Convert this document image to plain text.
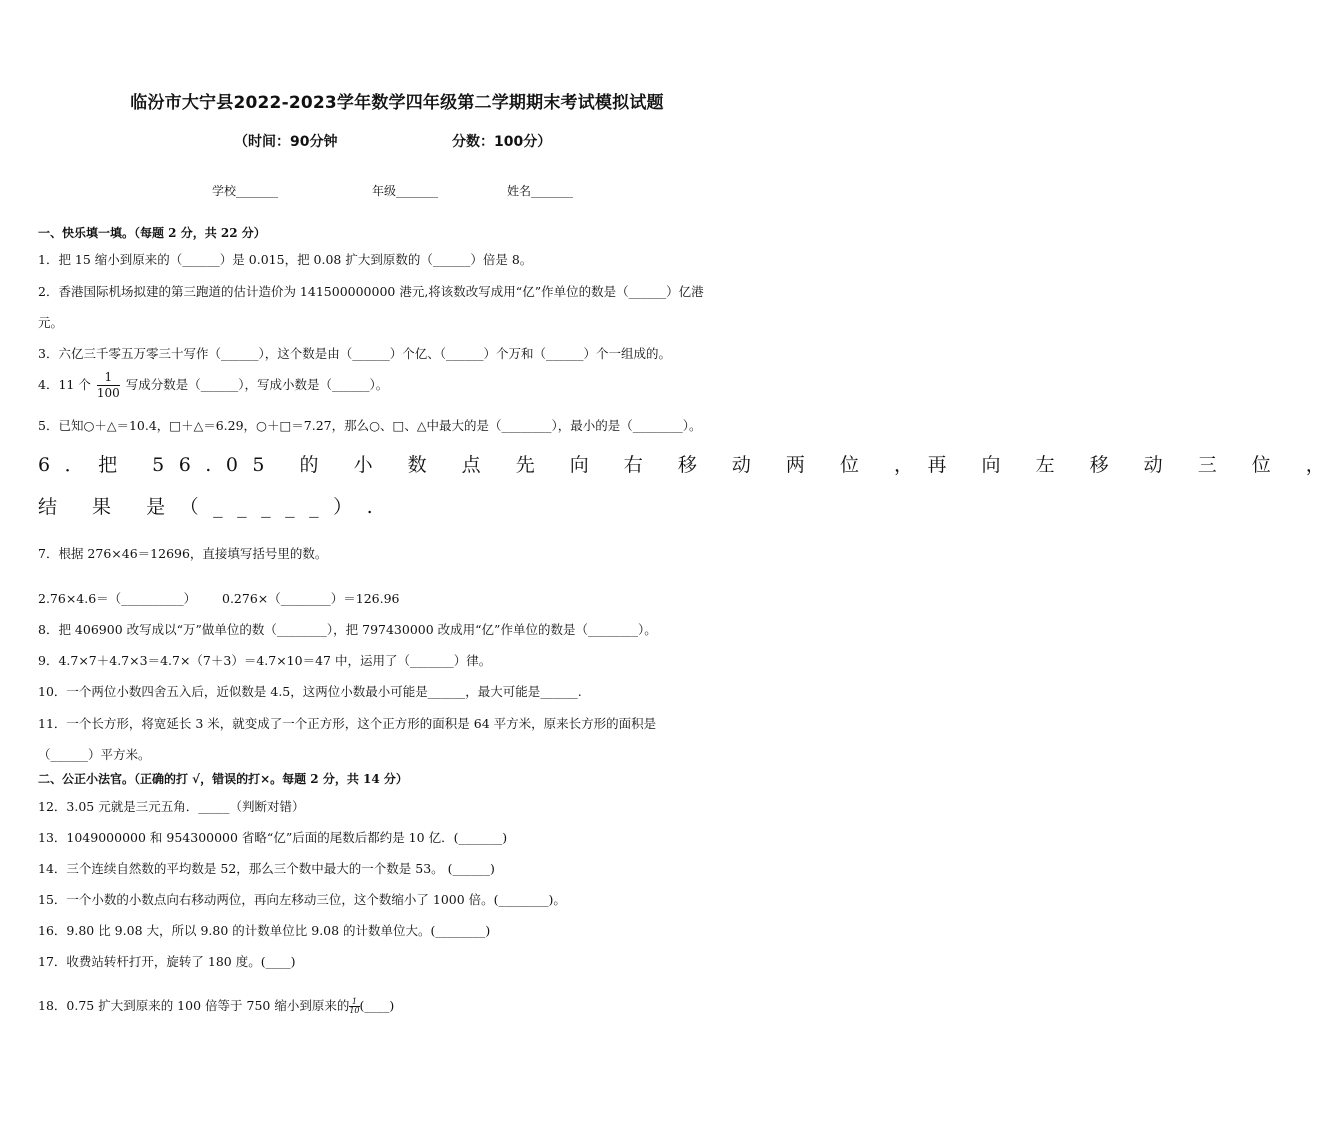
临汾市大宁县2022-2023学年数学四年级第二学期期末考试模拟试题
（时间：90分钟	分数：100分）
学校_______	年级_______	姓名_______
一、快乐填一填。（每题 2 分，共 22 分）
1．把 15 缩小到原来的（______）是 0.015，把 0.08 扩大到原数的（______）倍是 8。
2．香港国际机场拟建的第三跑道的估计造价为 141500000000 港元,将该数改写成用“亿”作单位的数是（______）亿港
元。
3．六亿三千零五万零三十写作（______），这个数是由（______）个亿、（______）个万和（______）个一组成的。
4．11 个 $\frac{1}{100}$ 写成分数是（______），写成小数是（______）。
5．已知○＋△＝10.4，□＋△＝6.29，○＋□＝7.27，那么○、□、△中最大的是（________），最小的是（________）。
6．把 56.05 的 小 数 点 先 向 右 移 动 两 位 ，再 向 左 移 动 三 位 ，
结 果 是（_____）.
7．根据 276×46＝12696，直接填写括号里的数。
2.76×4.6＝（__________） 0.276×（________）＝126.96
8．把 406900 改写成以“万”做单位的数（________），把 797430000 改成用“亿”作单位的数是（________）。
9．4.7×7＋4.7×3＝4.7×（7＋3）＝4.7×10＝47 中，运用了（_______）律。
10．一个两位小数四舍五入后，近似数是 4.5，这两位小数最小可能是______，最大可能是______.
11．一个长方形，将宽延长 3 米，就变成了一个正方形，这个正方形的面积是 64 平方米，原来长方形的面积是
（______）平方米。
二、公正小法官。（正确的打 √，错误的打×。每题 2 分，共 14 分）
12．3.05 元就是三元五角．_____（判断对错）
13．1049000000 和 954300000 省略“亿”后面的尾数后都约是 10 亿．(_______)
14．三个连续自然数的平均数是 52，那么三个数中最大的一个数是 53。 (______)
15．一个小数的小数点向右移动两位，再向左移动三位，这个数缩小了 1000 倍。(________)。
16．9.80 比 9.08 大，所以 9.80 的计数单位比 9.08 的计数单位大。(________)
17．收费站转杆打开，旋转了 180 度。(____)
18．0.75 扩大到原来的 100 倍等于 750 缩小到原来的 $\frac{1}{10}$ (____)
